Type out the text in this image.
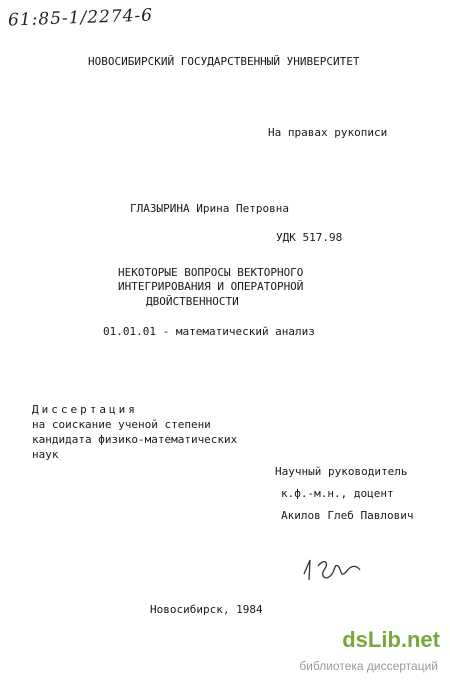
61:85-1/2274-6
НОВОСИБИРСКИЙ ГОСУДАРСТВЕННЫЙ УНИВЕРСИТЕТ
На правах рукописи
ГЛАЗЫРИНА Ирина Петровна
УДК 517.98
НЕКОТОРЫЕ ВОПРОСЫ ВЕКТОРНОГО
ИНТЕГРИРОВАНИЯ И ОПЕРАТОРНОЙ
ДВОЙСТВЕННОСТИ
01.01.01 - математический анализ
Диссертация
на соискание ученой степени
кандидата физико-математических
наук
Научный руководитель
к.ф.-м.н., доцент
Акилов Глеб Павлович
Новосибирск, 1984
dsLib.net
библиотека диссертаций
